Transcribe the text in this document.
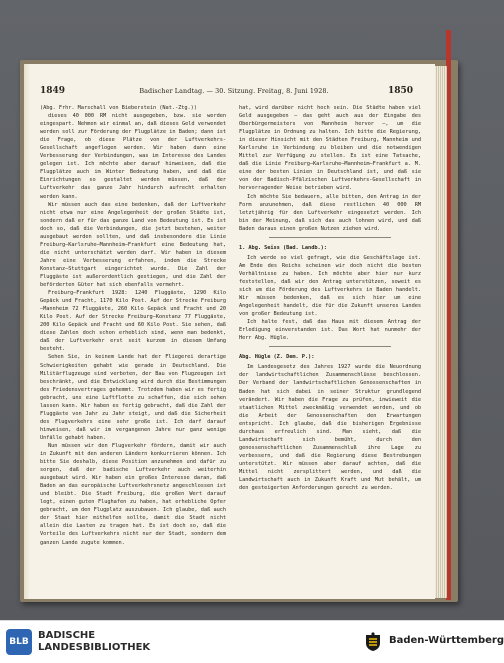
1849	Badischer Landtag. — 30. Sitzung. Freitag, 8. Juni 1928.	1850

(Abg. Frhr. Marschall von Bieberstein (Nat.-Ztg.))

dieses 40 000 RM nicht ausgegeben, bzw. sie werden eingespart. Nehmen wir einmal an, daß dieses Geld verwendet werden soll zur Förderung der Flugplätze in Baden; dann ist die Frage, ob diese Plätze von der Luftverkehrs-Gesellschaft angeflogen werden. Wir haben dann eine Verbesserung der Verbindungen, was im Interesse des Landes gelegen ist. Ich möchte aber darauf hinweisen, daß die Flugplätze auch im Winter Bedeutung haben, und daß die Einrichtungen so gestaltet werden müssen, daß der Luftverkehr das ganze Jahr hindurch aufrecht erhalten werden kann.

Wir müssen auch das eine bedenken, daß der Luftverkehr nicht etwa nur eine Angelegenheit der großen Städte ist, sondern daß er für das ganze Land von Bedeutung ist. Es ist doch so, daß die Verbindungen, die jetzt bestehen, weiter ausgebaut werden sollten, und daß insbesondere die Linie Freiburg—Karlsruhe—Mannheim—Frankfurt eine Bedeutung hat, die nicht unterschätzt werden darf. Wir haben in diesem Jahre eine Verbesserung erfahren, indem die Strecke Konstanz—Stuttgart eingerichtet wurde. Die Zahl der Fluggäste ist außerordentlich gestiegen, und die Zahl der beförderten Güter hat sich ebenfalls vermehrt.

Freiburg—Frankfurt 1928: 1240 Fluggäste, 1290 Kilo Gepäck und Fracht, 1170 Kilo Post. Auf der Strecke Freiburg—Mannheim 72 Fluggäste, 260 Kilo Gepäck und Fracht und 20 Kilo Post. Auf der Strecke Freiburg—Konstanz 77 Fluggäste, 200 Kilo Gepäck und Fracht und 60 Kilo Post. Sie sehen, daß diese Zahlen doch schon erheblich sind, wenn man bedenkt, daß der Luftverkehr erst seit kurzem in diesem Umfang besteht.

Sehen Sie, in keinem Lande hat der Fliegerei derartige Schwierigkeiten gehabt wie gerade in Deutschland. Die Militärflugzeuge sind verboten, der Bau von Flugzeugen ist beschränkt, und die Entwicklung wird durch die Bestimmungen des Friedensvertrages gehemmt. Trotzdem haben wir es fertig gebracht, uns eine Luftflotte zu schaffen, die sich sehen lassen kann. Wir haben es fertig gebracht, daß die Zahl der Fluggäste von Jahr zu Jahr steigt, und daß die Sicherheit des Flugverkehrs eine sehr große ist. Ich darf darauf hinweisen, daß wir im vergangenen Jahre nur ganz wenige Unfälle gehabt haben.

Nun müssen wir den Flugverkehr fördern, damit wir auch in Zukunft mit den anderen Ländern konkurrieren können. Ich bitte Sie deshalb, diese Position anzunehmen und dafür zu sorgen, daß der badische Luftverkehr auch weiterhin ausgebaut wird. Wir haben ein großes Interesse daran, daß Baden an das europäische Luftverkehrsnetz angeschlossen ist und bleibt. Die Stadt Freiburg, die großen Wert darauf legt, einen guten Flughafen zu haben, hat erhebliche Opfer gebracht, um den Flugplatz auszubauen. Ich glaube, daß auch der Staat hier mithelfen sollte, damit die Stadt nicht allein die Lasten zu tragen hat. Es ist doch so, daß die Vorteile des Luftverkehrs nicht nur der Stadt, sondern dem ganzen Lande zugute kommen.

hat, wird darüber nicht hoch sein. Die Städte haben viel Geld ausgegeben — das geht auch aus der Eingabe des Oberbürgermeisters von Mannheim hervor —, um die Flugplätze in Ordnung zu halten. Ich bitte die Regierung, in dieser Hinsicht mit den Städten Freiburg, Mannheim und Karlsruhe in Verbindung zu bleiben und die notwendigen Mittel zur Verfügung zu stellen. Es ist eine Tatsache, daß die Linie Freiburg—Karlsruhe—Mannheim—Frankfurt a. M. eine der besten Linien in Deutschland ist, und daß sie von der Badisch-Pfälzischen Luftverkehrs-Gesellschaft in hervorragender Weise betrieben wird.

Ich möchte Sie bedauern, alle bitten, den Antrag in der Form anzunehmen, daß diese restlichen 40 000 RM letztjährig für den Luftverkehr eingesetzt werden. Ich bin der Meinung, daß sich das auch lohnen wird, und daß Baden daraus einen großen Nutzen ziehen wird.

1. Abg. Seiss (Bad. Landb.):

Ich werde so viel gefragt, wie die Geschäftslage ist. Am Ende des Reichs scheinen wir doch nicht die besten Verhältnisse zu haben. Ich möchte aber hier nur kurz feststellen, daß wir den Antrag unterstützen, soweit es sich um die Förderung des Luftverkehrs in Baden handelt. Wir müssen bedenken, daß es sich hier um eine Angelegenheit handelt, die für die Zukunft unseres Landes von großer Bedeutung ist.

Ich halte fest, daß das Haus mit diesem Antrag der Erledigung einverstanden ist. Das Wort hat nunmehr der Herr Abg. Hügle.

Abg. Hügle (Z. Dem. P.):

Im Landesgesetz des Jahres 1927 wurde die Neuordnung der landwirtschaftlichen Zusammenschlüsse beschlossen. Der Verband der landwirtschaftlichen Genossenschaften in Baden hat sich dabei in seiner Struktur grundlegend verändert. Wir haben die Frage zu prüfen, inwieweit die staatlichen Mittel zweckmäßig verwendet werden, und ob die Arbeit der Genossenschaften den Erwartungen entspricht. Ich glaube, daß die bisherigen Ergebnisse durchaus erfreulich sind. Man sieht, daß die Landwirtschaft sich bemüht, durch den genossenschaftlichen Zusammenschluß ihre Lage zu verbessern, und daß die Regierung diese Bestrebungen unterstützt. Wir müssen aber darauf achten, daß die Mittel nicht zersplittert werden, und daß die Landwirtschaft auch in Zukunft Kraft und Mut behält, um den gesteigerten Anforderungen gerecht zu werden.

BLB
BADISCHE
LANDESBIBLIOTHEK
Baden-Württemberg
